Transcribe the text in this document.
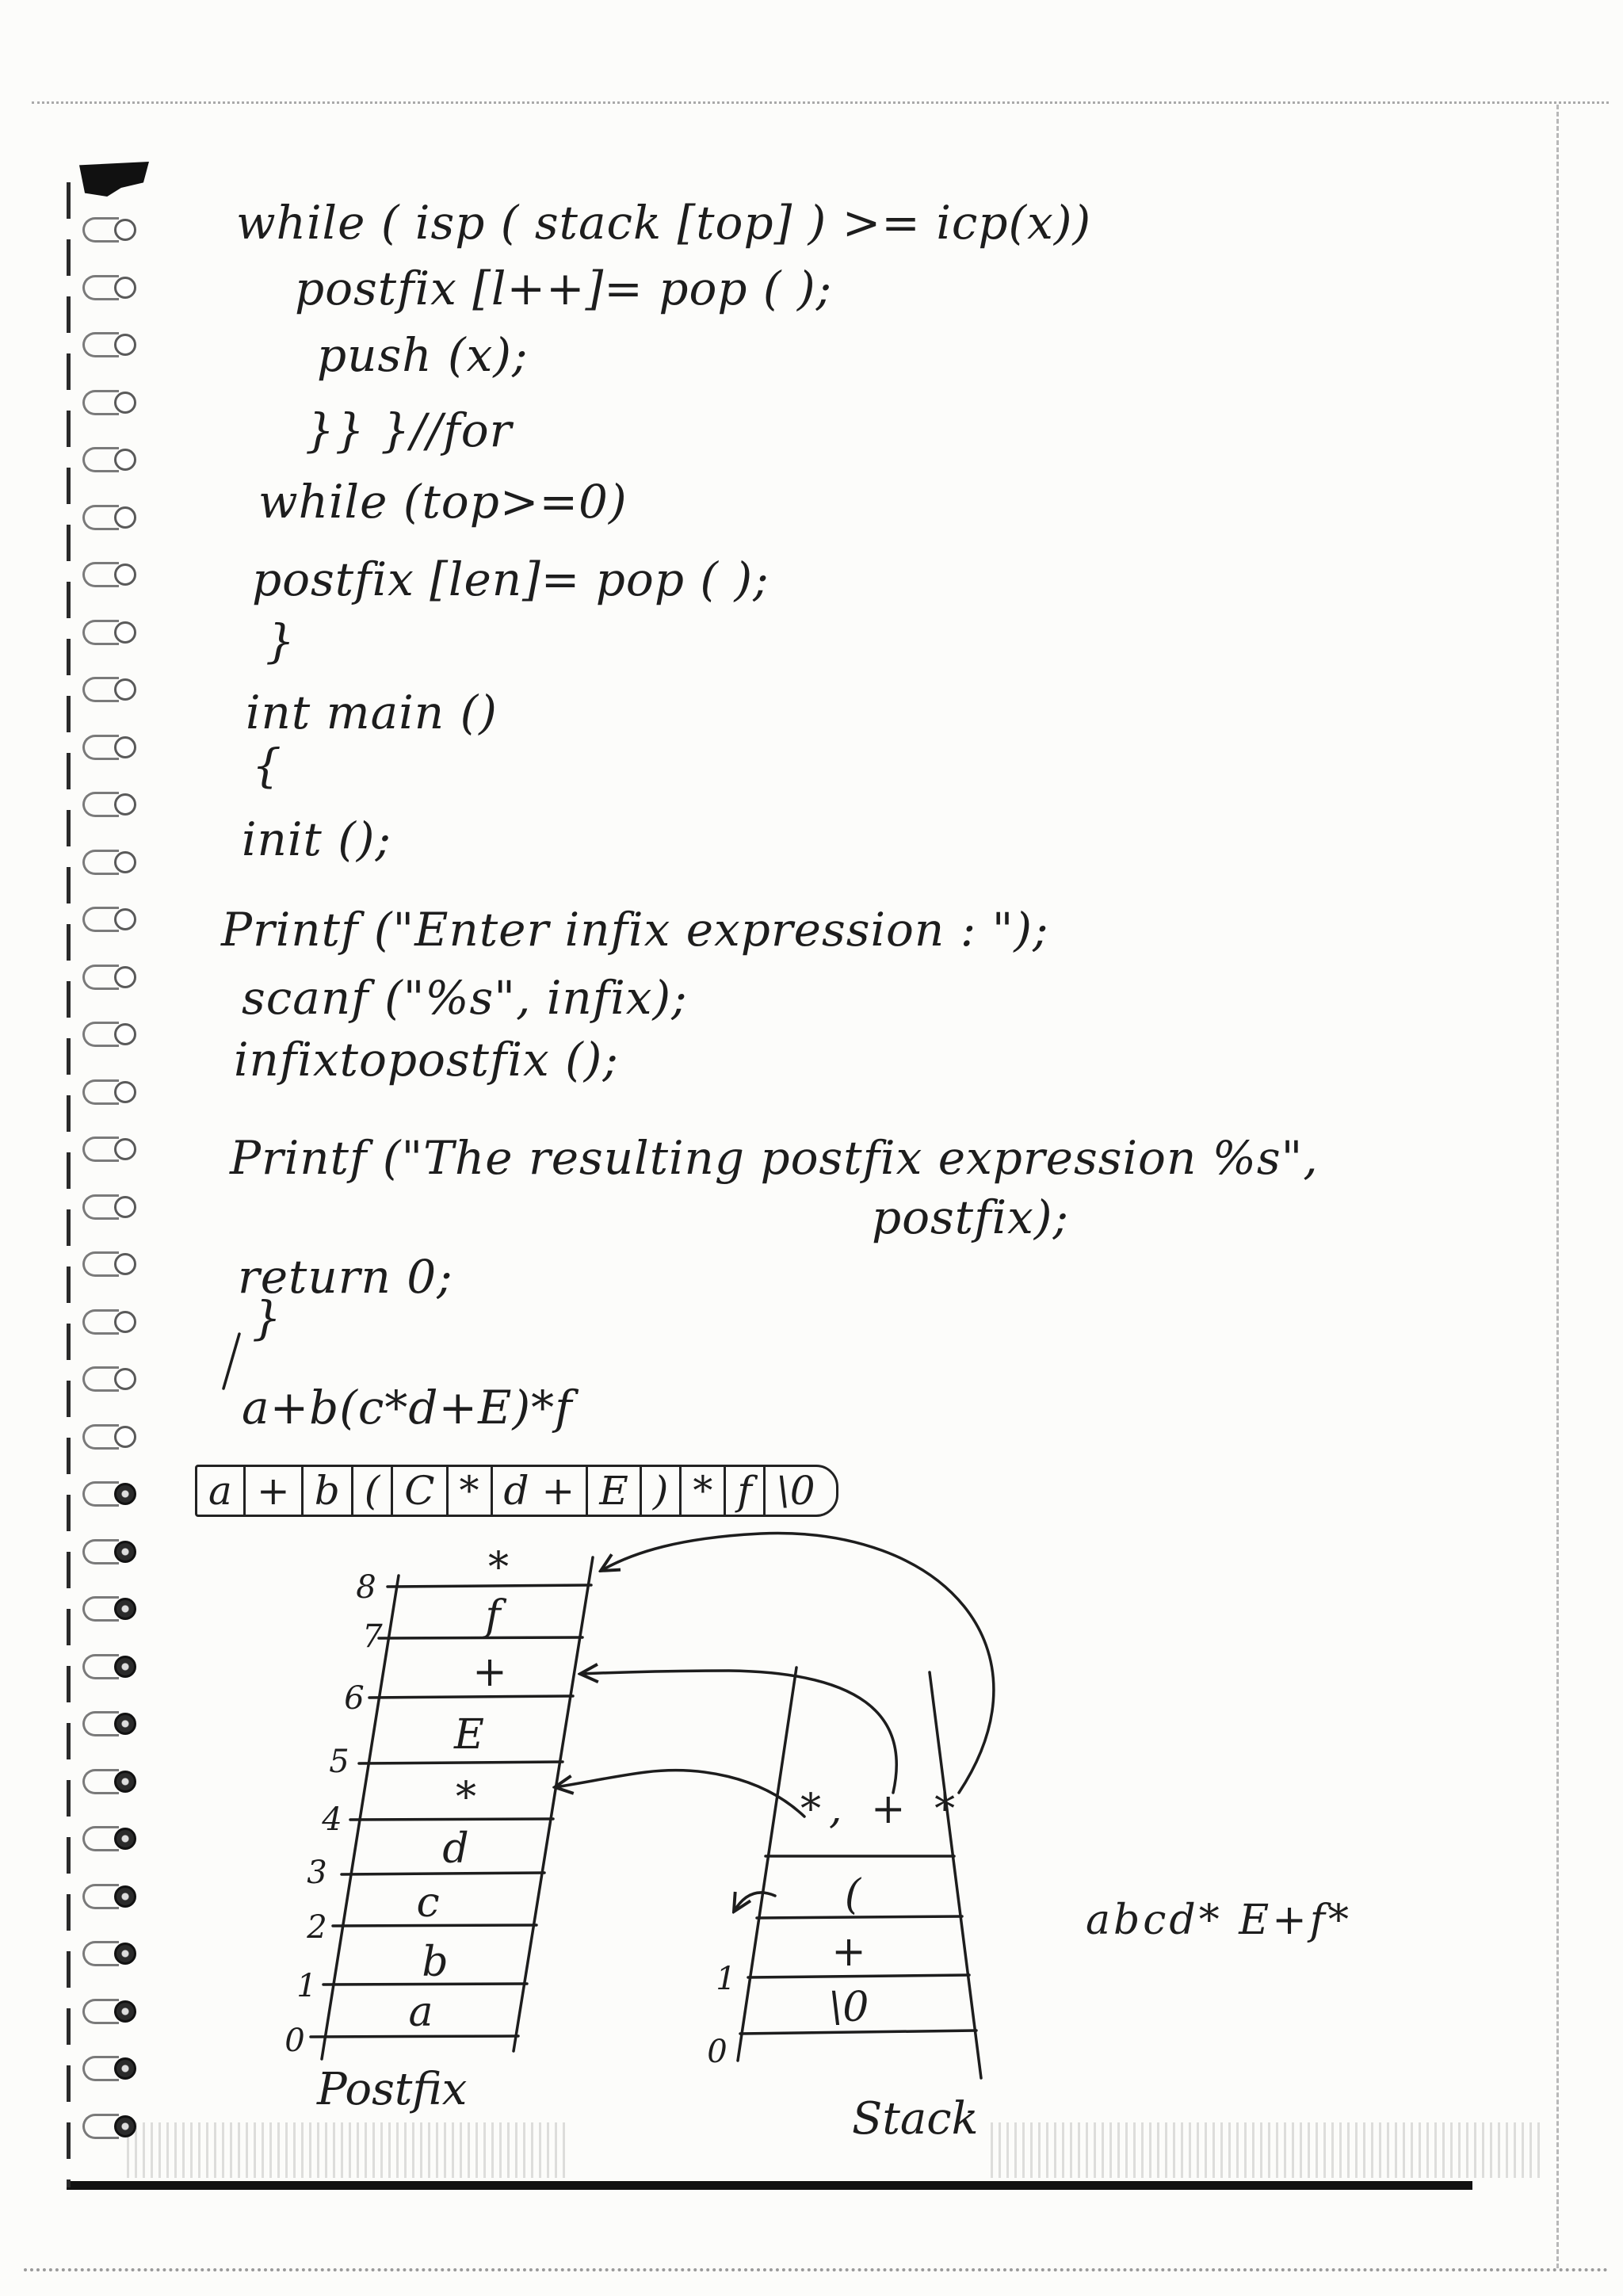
while ( isp ( stack [top] ) >= icp(x))
postfix [l++]= pop ( );
push (x);
}} }//for
while (top>=0)
postfix [len]= pop ( );
}
int main ()
{
init ();
Printf ("Enter infix expression : ");
scanf ("%s", infix);
infixtopostfix ();
Printf ("The resulting postfix expression %s",
postfix);
return 0;
}
a+b(c*d+E)*f
a + b ( C * d + E ) * f \0
8
7
6
5
4
3
2
1
0
*
f
+
E
*
d
c
b
a
Postfix
(
+
\0
1
0
*, + *
Stack
abcd* E+f*
